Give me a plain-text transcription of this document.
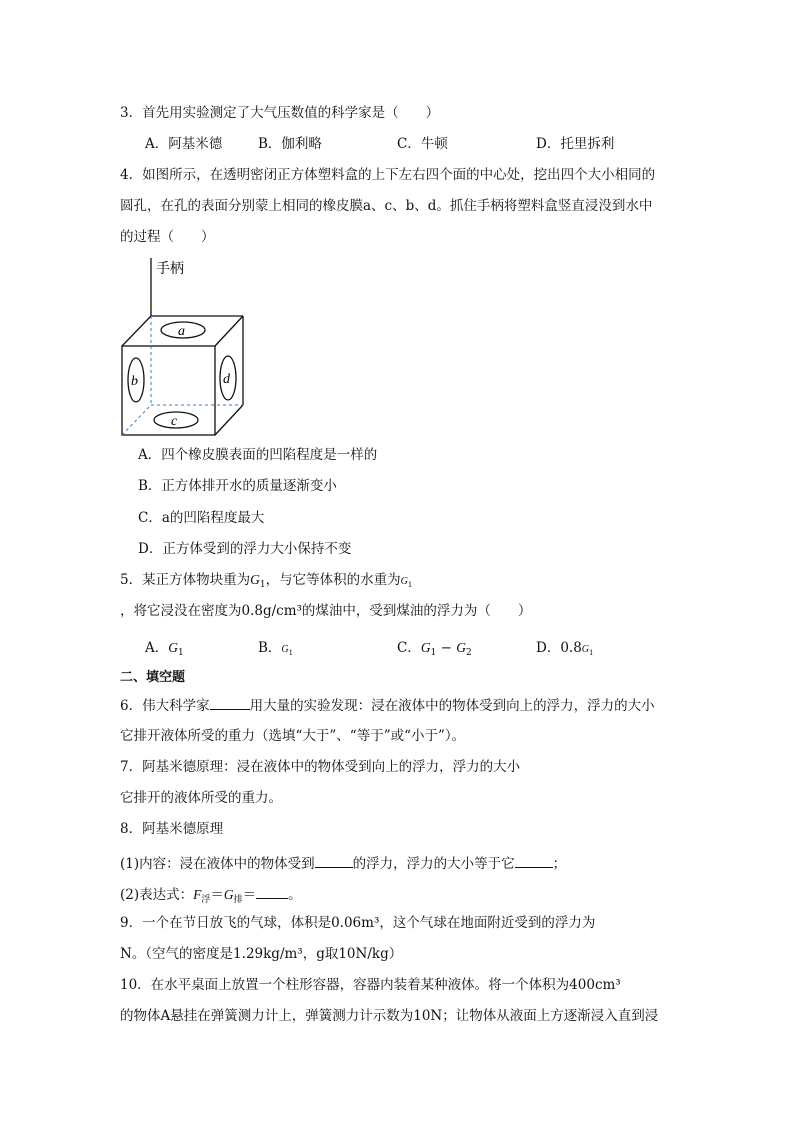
3．首先用实验测定了大气压数值的科学家是（　　）
A．阿基米德	B．伽利略	C．牛顿	D．托里拆利
4．如图所示，在透明密闭正方体塑料盒的上下左右四个面的中心处，挖出四个大小相同的
圆孔，在孔的表面分别蒙上相同的橡皮膜a、c、b、d。抓住手柄将塑料盒竖直浸没到水中
的过程（　　）
手柄
a
b
c
d
A．四个橡皮膜表面的凹陷程度是一样的
B．正方体排开水的质量逐渐变小
C．a的凹陷程度最大
D．正方体受到的浮力大小保持不变
5．某正方体物块重为$G_1$，与它等体积的水重为$G_1$
，将它浸没在密度为0.8g/cm³的煤油中，受到煤油的浮力为（　　）
A．$G_1$	B．$G_1$	C．$G_1 - G_2$	D．$0.8G_1$
二、填空题
6．伟大科学家	用大量的实验发现：浸在液体中的物体受到向上的浮力，浮力的大小
它排开液体所受的重力（选填“大于”、“等于”或“小于”）。
7．阿基米德原理：浸在液体中的物体受到向上的浮力，浮力的大小
它排开的液体所受的重力。
8．阿基米德原理
(1)内容：浸在液体中的物体受到	的浮力，浮力的大小等于它	；
(2)表达式：$F_浮=G_排=$ 。
9．一个在节日放飞的气球，体积是0.06m³，这个气球在地面附近受到的浮力为
N。（空气的密度是1.29kg/m³，g取10N/kg）
10．在水平桌面上放置一个柱形容器，容器内装着某种液体。将一个体积为400cm³
的物体A悬挂在弹簧测力计上，弹簧测力计示数为10N；让物体从液面上方逐渐浸入直到浸
